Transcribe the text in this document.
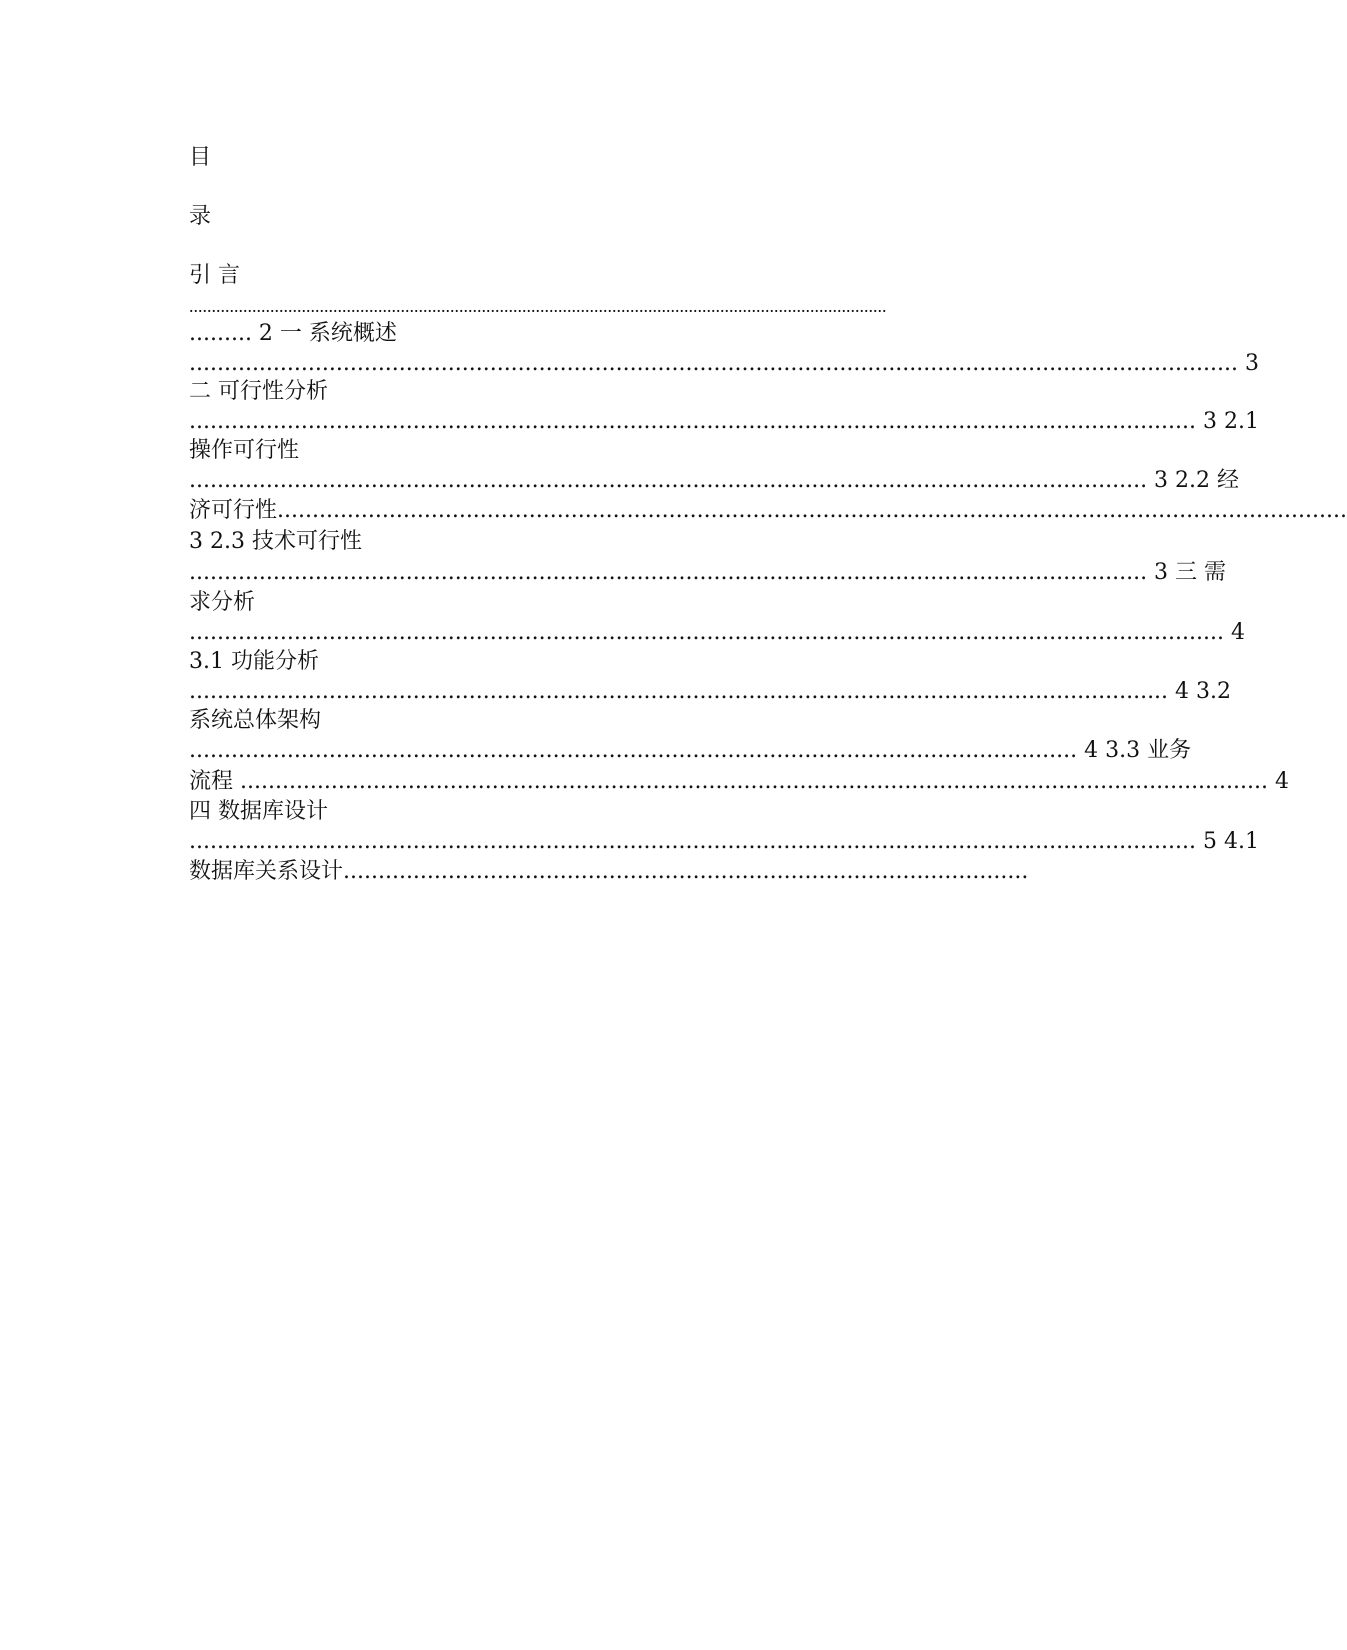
目
录
引 言
...........................................................................................................................................................
......... 2 一 系统概述
...................................................................................................................................................... 3
二 可行性分析
................................................................................................................................................ 3 2.1
操作可行性
......................................................................................................................................... 3 2.2 经
济可行性.........................................................................................................................................................
3 2.3 技术可行性
......................................................................................................................................... 3 三 需
求分析
.................................................................................................................................................... 4
3.1 功能分析
............................................................................................................................................ 4 3.2
系统总体架构
............................................................................................................................... 4 3.3 业务
流程 ................................................................................................................................................... 4
四 数据库设计
................................................................................................................................................ 5 4.1
数据库关系设计..................................................................................................
